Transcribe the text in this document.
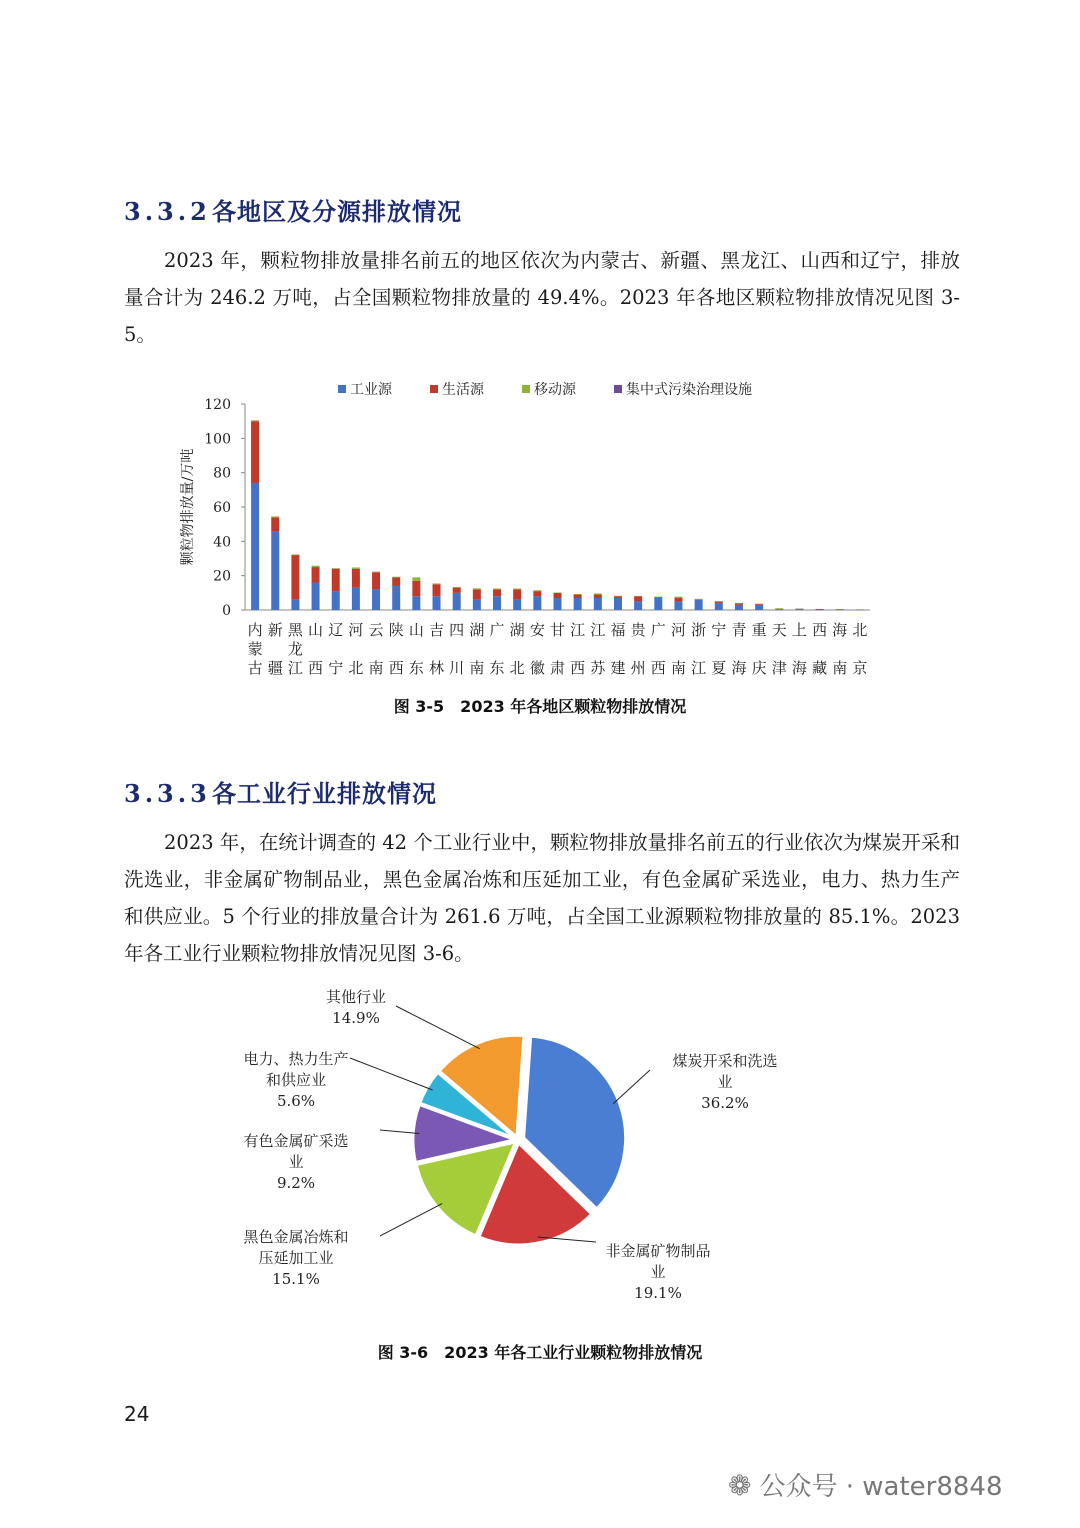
3.3.2各地区及分源排放情况

2023 年，颗粒物排放量排名前五的地区依次为内蒙古、新疆、黑龙江、山西和辽宁，排放量合计为 246.2 万吨，占全国颗粒物排放量的 49.4%。2023 年各地区颗粒物排放情况见图 3-5。

0
20
40
60
80
100
120
颗粒物排放量/万吨
工业源	生活源	移动源	集中式污染治理设施
内
蒙
古
新
疆
黑
龙
江
山
西
辽
宁
河
北
云
南
陕
西
山
东
吉
林
四
川
湖
南
广
东
湖
北
安
徽
甘
肃
江
西
江
苏
福
建
贵
州
广
西
河
南
浙
江
宁
夏
青
海
重
庆
天
津
上
海
西
藏
海
南
北
京
图 3-5　2023 年各地区颗粒物排放情况
3.3.3各工业行业排放情况

2023 年，在统计调查的 42 个工业行业中，颗粒物排放量排名前五的行业依次为煤炭开采和洗选业，非金属矿物制品业，黑色金属冶炼和压延加工业，有色金属矿采选业，电力、热力生产和供应业。5 个行业的排放量合计为 261.6 万吨，占全国工业源颗粒物排放量的 85.1%。2023 年各工业行业颗粒物排放情况见图 3-6。

煤炭开采和洗选
业
36.2%
非金属矿物制品
业
19.1%
黑色金属冶炼和
压延加工业
15.1%
有色金属矿采选
业
9.2%
电力、热力生产
和供应业
5.6%
其他行业
14.9%
图 3-6　2023 年各工业行业颗粒物排放情况
24
❁ 公众号 · water8848
